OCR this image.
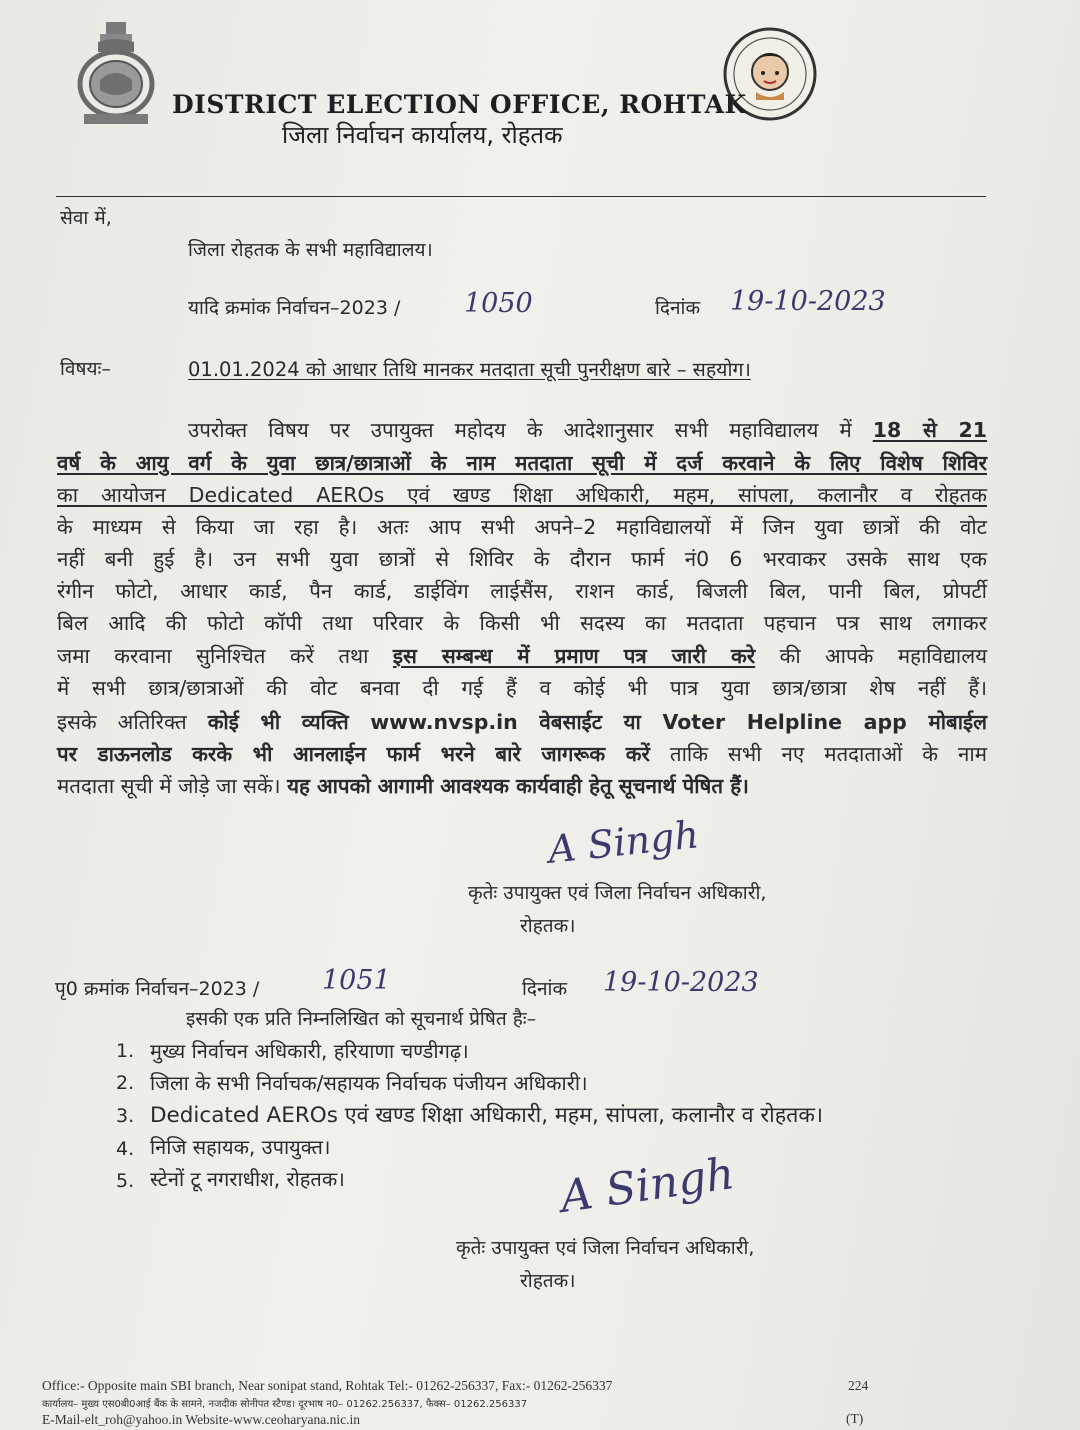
DISTRICT ELECTION OFFICE, ROHTAK
जिला निर्वाचन कार्यालय, रोहतक
सेवा में,
जिला रोहतक के सभी महाविद्यालय।
यादि क्रमांक निर्वाचन–2023 / 1050	दिनांक 19-10-2023
विषयः–	01.01.2024 को आधार तिथि मानकर मतदाता सूची पुनरीक्षण बारे – सहयोग।
उपरोक्त विषय पर उपायुक्त महोदय के आदेशानुसार सभी महाविद्यालय में 18 से 21
वर्ष के आयु वर्ग के युवा छात्र/छात्राओं के नाम मतदाता सूची में दर्ज करवाने के लिए विशेष शिविर
का आयोजन Dedicated AEROs एवं खण्ड शिक्षा अधिकारी, महम, सांपला, कलानौर व रोहतक
के माध्यम से किया जा रहा है। अतः आप सभी अपने–2 महाविद्यालयों में जिन युवा छात्रों की वोट
नहीं बनी हुई है। उन सभी युवा छात्रों से शिविर के दौरान फार्म नं0 6 भरवाकर उसके साथ एक
रंगीन फोटो, आधार कार्ड, पैन कार्ड, डाईविंग लाईसैंस, राशन कार्ड, बिजली बिल, पानी बिल, प्रोपर्टी
बिल आदि की फोटो कॉपी तथा परिवार के किसी भी सदस्य का मतदाता पहचान पत्र साथ लगाकर
जमा करवाना सुनिश्चित करें तथा इस सम्बन्ध में प्रमाण पत्र जारी करे की आपके महाविद्यालय
में सभी छात्र/छात्राओं की वोट बनवा दी गई हैं व कोई भी पात्र युवा छात्र/छात्रा शेष नहीं हैं।
इसके अतिरिक्त कोई भी व्यक्ति www.nvsp.in वेबसाईट या Voter Helpline app मोबाईल
पर डाऊनलोड करके भी आनलाईन फार्म भरने बारे जागरूक करें ताकि सभी नए मतदाताओं के नाम
मतदाता सूची में जोड़े जा सकें। यह आपको आगामी आवश्यक कार्यवाही हेतू सूचनार्थ पेषित हैं।
A Singh
कृतेः उपायुक्त एवं जिला निर्वाचन अधिकारी,
रोहतक।
पृ0 क्रमांक निर्वाचन–2023 / 1051	दिनांक 19-10-2023
इसकी एक प्रति निम्नलिखित को सूचनार्थ प्रेषित हैः–
1. मुख्य निर्वाचन अधिकारी, हरियाणा चण्डीगढ़।
2. जिला के सभी निर्वाचक/सहायक निर्वाचक पंजीयन अधिकारी।
3. Dedicated AEROs एवं खण्ड शिक्षा अधिकारी, महम, सांपला, कलानौर व रोहतक।
4. निजि सहायक, उपायुक्त।
5. स्टेनों टू नगराधीश, रोहतक।	A Singh
कृतेः उपायुक्त एवं जिला निर्वाचन अधिकारी,
रोहतक।
Office:- Opposite main SBI branch, Near sonipat stand, Rohtak Tel:- 01262-256337, Fax:- 01262-256337
कार्यालय– मुख्य एस0बी0आई बैंक के सामने, नजदीक सोनीपत स्टैण्ड। दूरभाष न0– 01262.256337, फैक्स– 01262.256337
E-Mail-elt_roh@yahoo.in Website-www.ceoharyana.nic.in
224
(T)
